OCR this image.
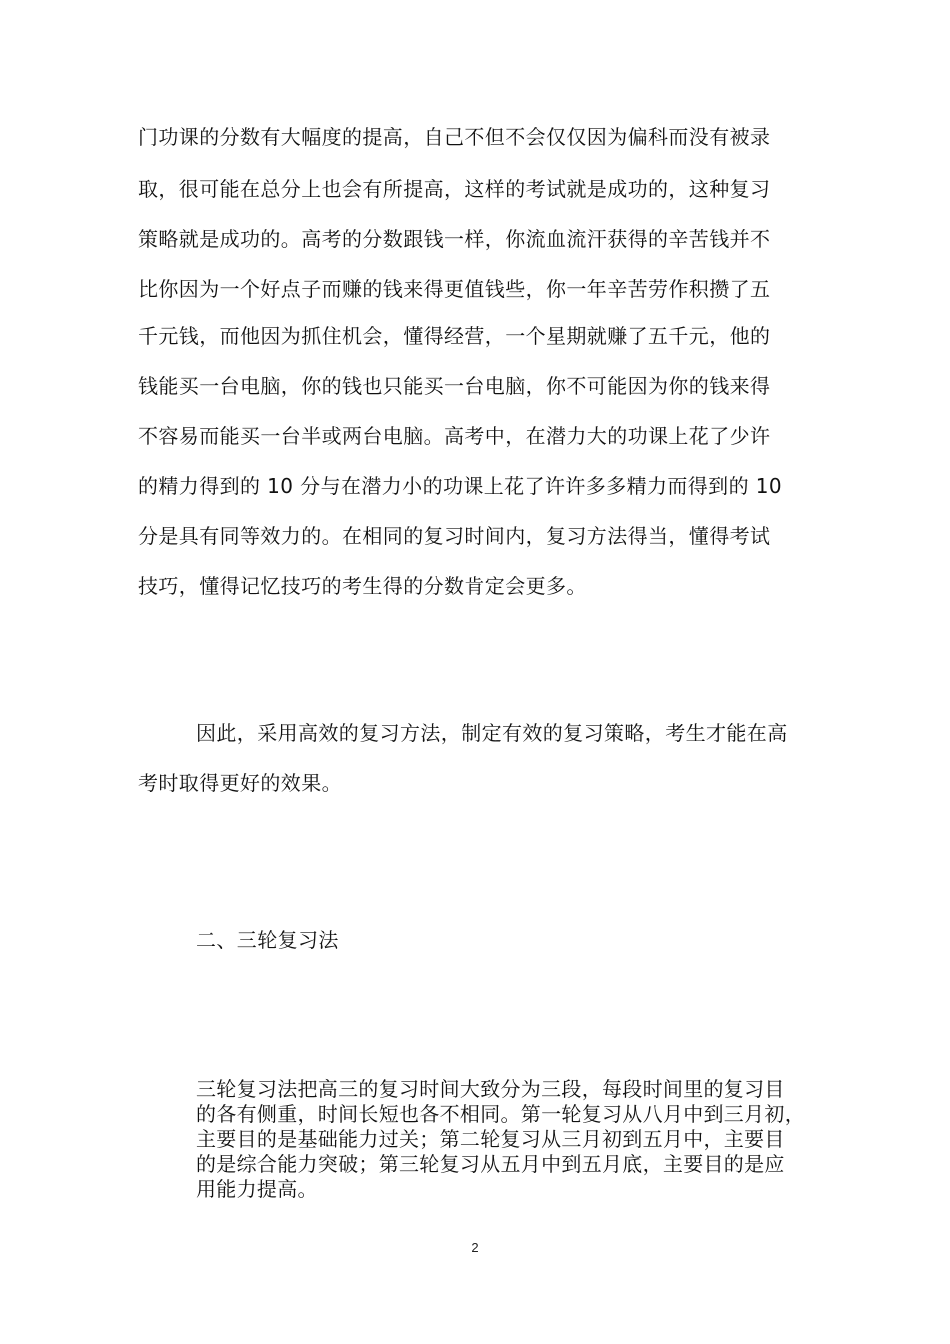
门功课的分数有大幅度的提高，自己不但不会仅仅因为偏科而没有被录
取，很可能在总分上也会有所提高，这样的考试就是成功的，这种复习
策略就是成功的。高考的分数跟钱一样，你流血流汗获得的辛苦钱并不
比你因为一个好点子而赚的钱来得更值钱些，你一年辛苦劳作积攒了五
千元钱，而他因为抓住机会，懂得经营，一个星期就赚了五千元，他的
钱能买一台电脑，你的钱也只能买一台电脑，你不可能因为你的钱来得
不容易而能买一台半或两台电脑。高考中，在潜力大的功课上花了少许
的精力得到的 10 分与在潜力小的功课上花了许许多多精力而得到的 10
分是具有同等效力的。在相同的复习时间内，复习方法得当，懂得考试
技巧，懂得记忆技巧的考生得的分数肯定会更多。
因此，采用高效的复习方法，制定有效的复习策略，考生才能在高
考时取得更好的效果。
二、三轮复习法
三轮复习法把高三的复习时间大致分为三段，每段时间里的复习目
的各有侧重，时间长短也各不相同。第一轮复习从八月中到三月初，
主要目的是基础能力过关；第二轮复习从三月初到五月中，主要目
的是综合能力突破；第三轮复习从五月中到五月底，主要目的是应
用能力提高。
2
